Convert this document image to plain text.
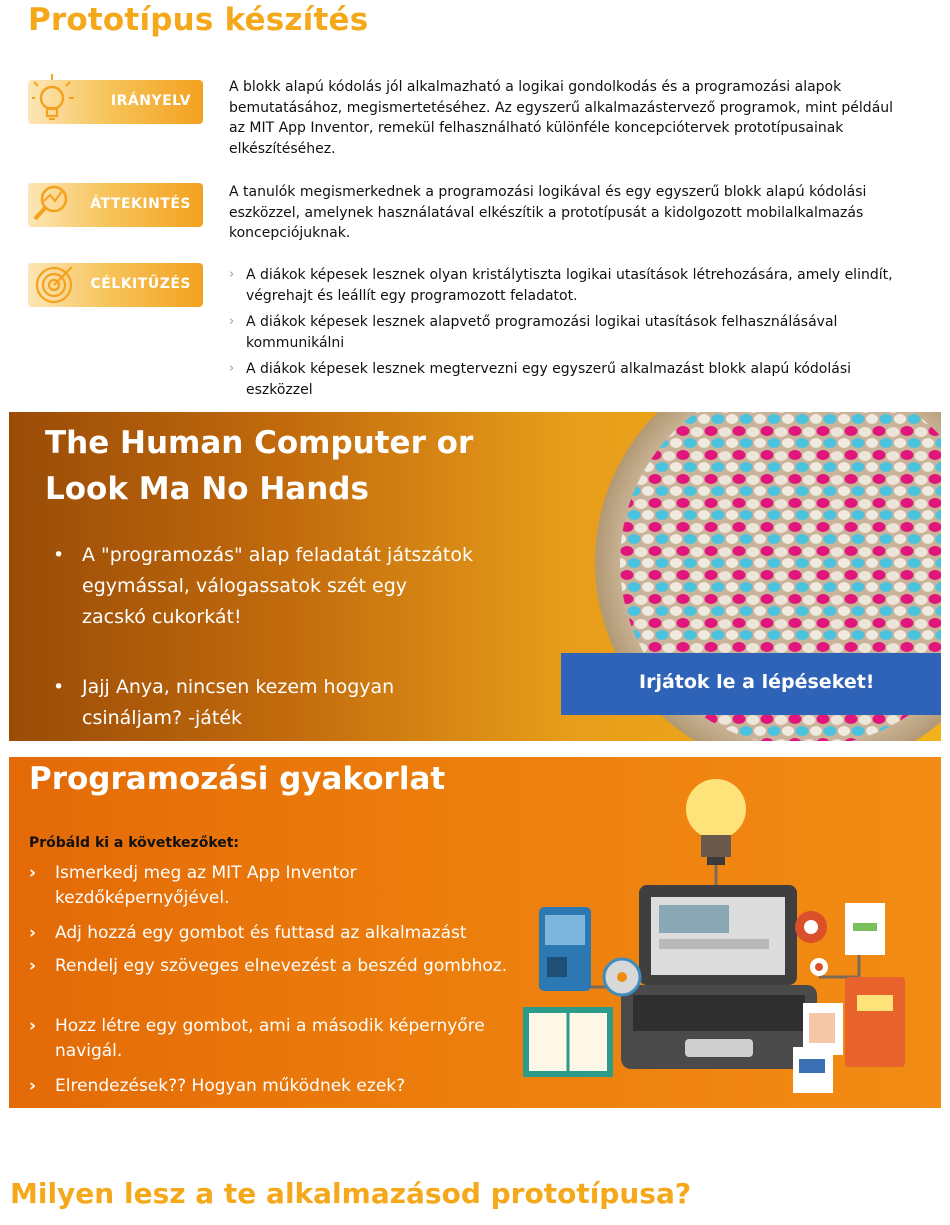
Prototípus készítés
IRÁNYELV
A blokk alapú kódolás jól alkalmazható a logikai gondolkodás és a programozási alapok bemutatásához, megismertetéséhez. Az egyszerű alkalmazástervező programok, mint például az MIT App Inventor, remekül felhasználható különféle koncepciótervek prototípusainak elkészítéséhez.
ÁTTEKINTÉS
A tanulók megismerkednek a programozási logikával és egy egyszerű blokk alapú kódolási eszközzel, amelynek használatával elkészítik a prototípusát a kidolgozott mobilalkalmazás koncepciójuknak.
CÉLKITŰZÉS
› A diákok képesek lesznek olyan kristálytiszta logikai utasítások létrehozására, amely elindít, végrehajt és leállít egy programozott feladatot.
› A diákok képesek lesznek alapvető programozási logikai utasítások felhasználásával kommunikálni
› A diákok képesek lesznek megtervezni egy egyszerű alkalmazást blokk alapú kódolási eszközzel
The Human Computer or Look Ma No Hands
Irjátok le a lépéseket!
• A "programozás" alap feladatát játszátok egymással, válogassatok szét egy zacskó cukorkát!
• Jajj Anya, nincsen kezem hogyan csináljam? -játék
Programozási gyakorlat
Próbáld ki a következőket:
› Ismerkedj meg az MIT App Inventor kezdőképernyőjével.
› Adj hozzá egy gombot és futtasd az alkalmazást
› Rendelj egy szöveges elnevezést a beszéd gombhoz.
› Hozz létre egy gombot, ami a második képernyőre navigál.
› Elrendezések?? Hogyan működnek ezek?
Milyen lesz a te alkalmazásod prototípusa?
